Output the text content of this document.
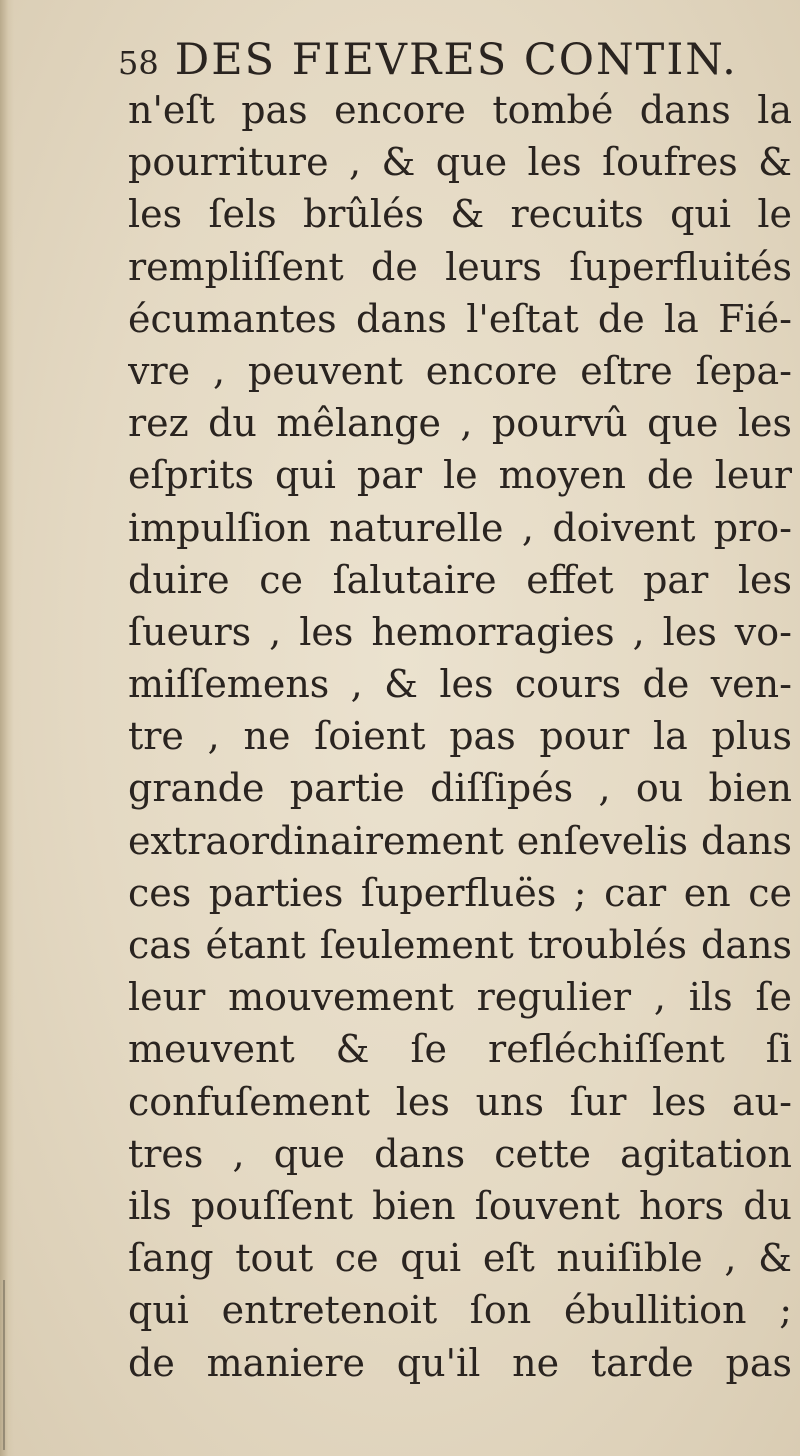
58 DES FIEVRES CONTIN.
n'eſt pas encore tombé dans la
pourriture , & que les ſoufres &
les ſels brûlés & recuits qui le
rempliſſent de leurs ſuperfluités
écumantes dans l'eſtat de la Fié-
vre , peuvent encore eſtre ſepa-
rez du mêlange , pourvû que les
eſprits qui par le moyen de leur
impulſion naturelle , doivent pro-
duire ce ſalutaire effet par les
ſueurs , les hemorragies , les vo-
miſſemens , & les cours de ven-
tre , ne ſoient pas pour la plus
grande partie diſſipés , ou bien
extraordinairement enſevelis dans
ces parties ſuperfluës ; car en ce
cas étant ſeulement troublés dans
leur mouvement regulier , ils ſe
meuvent & ſe refléchiſſent ſi
confuſement les uns ſur les au-
tres , que dans cette agitation
ils pouſſent bien ſouvent hors du
ſang tout ce qui eſt nuiſible , &
qui entretenoit ſon ébullition ;
de maniere qu'il ne tarde pas
